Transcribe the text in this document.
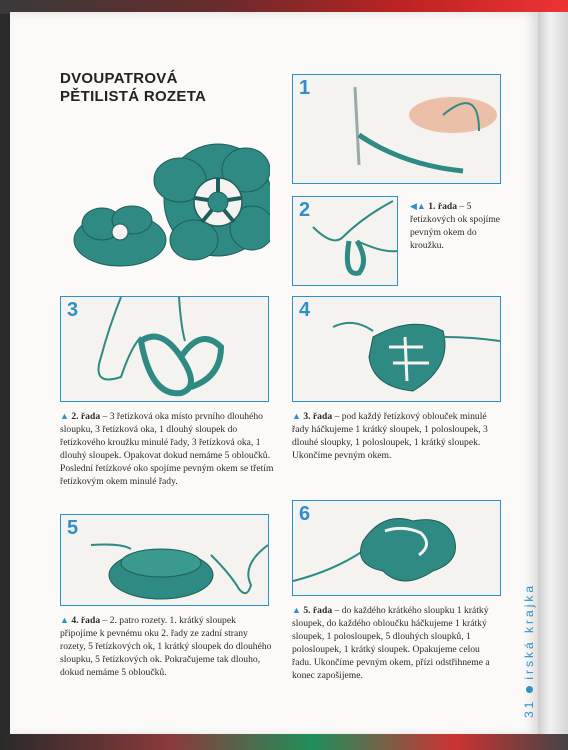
DVOUPATROVÁ
PĚTILISTÁ ROZETA	1
2	◀▲ 1. řada – 5 řetízkových ok spojíme pevným okem do kroužku.
3
▲ 2. řada – 3 řetízková oka místo prvního dlouhého sloupku, 3 řetízková oka, 1 dlouhý sloupek do řetízkového kroužku minulé řady, 3 řetízková oka, 1 dlouhý sloupek. Opakovat dokud nemáme 5 obloučků. Poslední řetízkové oko spojíme pevným okem se třetím řetízkovým okem minulé řady.
4
▲ 3. řada – pod každý řetízkový oblouček minulé řady háčkujeme 1 krátký sloupek, 1 polosloupek, 3 dlouhé sloupky, 1 polosloupek, 1 krátký sloupek. Ukončíme pevným okem.
5
▲ 4. řada – 2. patro rozety. 1. krátký sloupek připojíme k pevnému oku 2. řady ze zadní strany rozety, 5 řetízkových ok, 1 krátký sloupek do dlouhého sloupku, 5 řetízkových ok. Pokračujeme tak dlouho, dokud nemáme 5 obloučků.
6
▲ 5. řada – do každého krátkého sloupku 1 krátký sloupek, do každého obloučku háčkujeme 1 krátký sloupek, 1 polosloupek, 5 dlouhých sloupků, 1 polosloupek, 1 krátký sloupek. Opakujeme celou řadu. Ukončíme pevným okem, přízi odstřihneme a konec zapošijeme.
31irská krajka
